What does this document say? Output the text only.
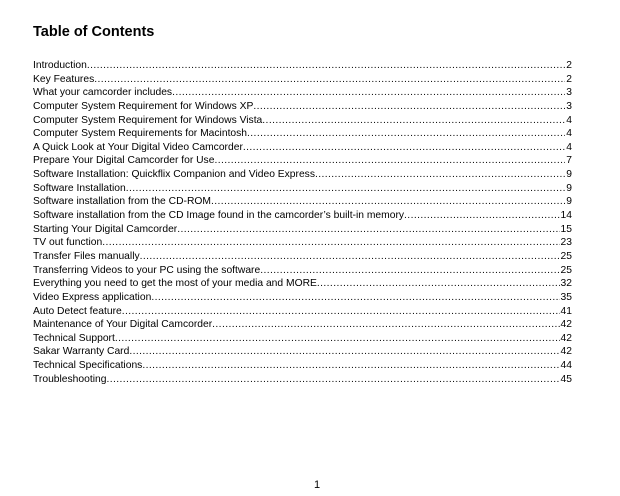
Table of Contents
Introduction .....	2
Key Features .....	2
What your camcorder includes .....	3
Computer System Requirement for Windows XP .....	3
Computer System Requirement for Windows Vista .....	4
Computer System Requirements for Macintosh .....	4
A Quick Look at Your Digital Video Camcorder .....	4
Prepare Your Digital Camcorder for Use .....	7
Software Installation: Quickflix Companion and Video Express .....	9
Software Installation .....	9
Software installation from the CD-ROM .....	9
Software installation from the CD Image found in the camcorder’s built-in memory .....	14
Starting Your Digital Camcorder .....	15
TV out function .....	23
Transfer Files manually .....	25
Transferring Videos to your PC using the software .....	25
Everything you need to get the most of your media and MORE .....	32
Video Express application .....	35
Auto Detect feature .....	41
Maintenance of Your Digital Camcorder .....	42
Technical Support .....	42
Sakar Warranty Card .....	42
Technical Specifications .....	44
Troubleshooting .....	45
1
